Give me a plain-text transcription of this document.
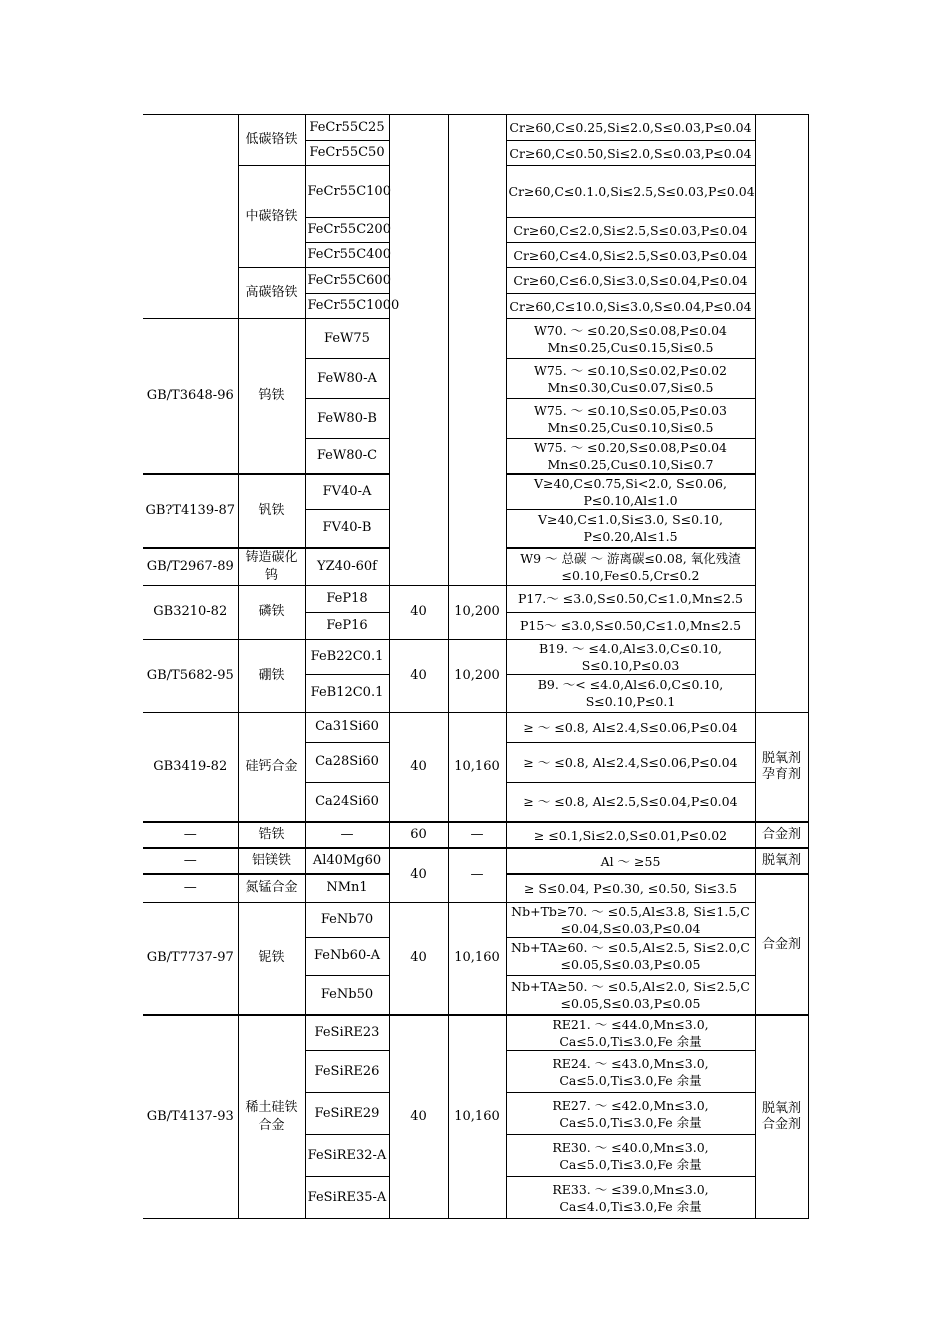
	低碳铬铁	FeCr55C25			Cr≥60,C≤0.25,Si≤2.0,S≤0.03,P≤0.04	
		FeCr55C50			Cr≥60,C≤0.50,Si≤2.0,S≤0.03,P≤0.04	
	中碳铬铁	FeCr55C100			Cr≥60,C≤0.1.0,Si≤2.5,S≤0.03,P≤0.04	
		FeCr55C200			Cr≥60,C≤2.0,Si≤2.5,S≤0.03,P≤0.04	
		FeCr55C400			Cr≥60,C≤4.0,Si≤2.5,S≤0.03,P≤0.04	
	高碳铬铁	FeCr55C600			Cr≥60,C≤6.0,Si≤3.0,S≤0.04,P≤0.04	
		FeCr55C1000			Cr≥60,C≤10.0,Si≤3.0,S≤0.04,P≤0.04	
GB/T3648-96	钨铁	FeW75			W70. ～ ≤0.20,S≤0.08,P≤0.04 Mn≤0.25,Cu≤0.15,Si≤0.5	
		FeW80-A			W75. ～ ≤0.10,S≤0.02,P≤0.02 Mn≤0.30,Cu≤0.07,Si≤0.5	
		FeW80-B			W75. ～ ≤0.10,S≤0.05,P≤0.03 Mn≤0.25,Cu≤0.10,Si≤0.5	
		FeW80-C			W75. ～ ≤0.20,S≤0.08,P≤0.04 Mn≤0.25,Cu≤0.10,Si≤0.7	
GB?T4139-87	钒铁	FV40-A			V≥40,C≤0.75,Si<2.0, S≤0.06, P≤0.10,Al≤1.0	
		FV40-B			V≥40,C≤1.0,Si≤3.0, S≤0.10, P≤0.20,Al≤1.5	
GB/T2967-89	铸造碳化钨	YZ40-60f			W9 ～ 总碳 ～ 游离碳≤0.08, 氧化残渣≤0.10,Fe≤0.5,Cr≤0.2	
GB3210-82	磷铁	FeP18	40	10,200	P17.～ ≤3.0,S≤0.50,C≤1.0,Mn≤2.5	
		FeP16			P15～ ≤3.0,S≤0.50,C≤1.0,Mn≤2.5	
GB/T5682-95	硼铁	FeB22C0.1	40	10,200	B19. ～ ≤4.0,Al≤3.0,C≤0.10, S≤0.10,P≤0.03	
		FeB12C0.1			B9. ～< ≤4.0,Al≤6.0,C≤0.10, S≤0.10,P≤0.1	
GB3419-82	硅钙合金	Ca31Si60	40	10,160	≥ ～ ≤0.8, Al≤2.4,S≤0.06,P≤0.04	脱氧剂孕育剂
		Ca28Si60			≥ ～ ≤0.8, Al≤2.4,S≤0.06,P≤0.04	
		Ca24Si60			≥ ～ ≤0.8, Al≤2.5,S≤0.04,P≤0.04	
—	锆铁	—	60	—	≥ ≤0.1,Si≤2.0,S≤0.01,P≤0.02	合金剂
—	铝镁铁	Al40Mg60	40	—	Al ～ ≥55	脱氧剂
—	氮锰合金	NMn1			≥ S≤0.04, P≤0.30, ≤0.50, Si≤3.5	合金剂
GB/T7737-97	铌铁	FeNb70	40	10,160	Nb+Tb≥70. ～ ≤0.5,Al≤3.8, Si≤1.5,C ≤0.04,S≤0.03,P≤0.04	
		FeNb60-A			Nb+TA≥60. ～ ≤0.5,Al≤2.5, Si≤2.0,C ≤0.05,S≤0.03,P≤0.05	
		FeNb50			Nb+TA≥50. ～ ≤0.5,Al≤2.0, Si≤2.5,C ≤0.05,S≤0.03,P≤0.05	
GB/T4137-93	稀土硅铁合金	FeSiRE23	40	10,160	RE21. ～ ≤44.0,Mn≤3.0, Ca≤5.0,Ti≤3.0,Fe 余量	脱氧剂合金剂
		FeSiRE26			RE24. ～ ≤43.0,Mn≤3.0, Ca≤5.0,Ti≤3.0,Fe 余量	
		FeSiRE29			RE27. ～ ≤42.0,Mn≤3.0, Ca≤5.0,Ti≤3.0,Fe 余量	
		FeSiRE32-A			RE30. ～ ≤40.0,Mn≤3.0, Ca≤5.0,Ti≤3.0,Fe 余量	
		FeSiRE35-A			RE33. ～ ≤39.0,Mn≤3.0, Ca≤4.0,Ti≤3.0,Fe 余量	
